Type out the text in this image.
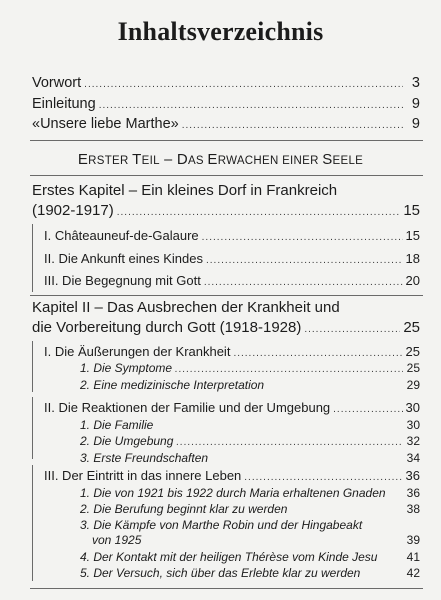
Inhaltsverzeichnis
Vorwort .....	3
Einleitung .....	9
«Unsere liebe Marthe» .....	9
ERSTER TEIL – DAS ERWACHEN EINER SEELE
Erstes Kapitel – Ein kleines Dorf in Frankreich
(1902-1917) .....	15
I. Châteauneuf-de-Galaure .....	15
II. Die Ankunft eines Kindes .....	18
III. Die Begegnung mit Gott .....	20
Kapitel II – Das Ausbrechen der Krankheit und
die Vorbereitung durch Gott (1918-1928) .....	25
I. Die Äußerungen der Krankheit .....	25
1. Die Symptome .....	25
2. Eine medizinische Interpretation	29
II. Die Reaktionen der Familie und der Umgebung .....	30
1. Die Familie	30
2. Die Umgebung .....	32
3. Erste Freundschaften	34
III. Der Eintritt in das innere Leben .....	36
1. Die von 1921 bis 1922 durch Maria erhaltenen Gnaden 36
2. Die Berufung beginnt klar zu werden	38
3. Die Kämpfe von Marthe Robin und der Hingabeakt
von 1925	39
4. Der Kontakt mit der heiligen Thérèse vom Kinde Jesu 41
5. Der Versuch, sich über das Erlebte klar zu werden	42
